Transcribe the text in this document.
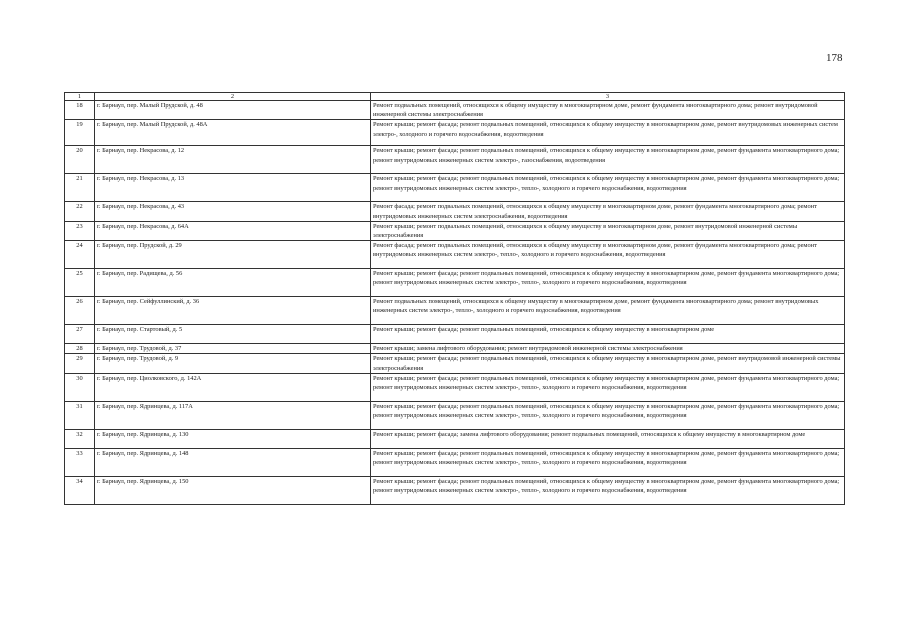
178
1	2	3
18	г. Барнаул, пер. Малый Прудской, д. 48	Ремонт подвальных помещений, относящихся к общему имуществу в многоквартирном доме, ремонт фундамента многоквартирного дома; ремонт внутридомовой инженерной системы электроснабжения
19	г. Барнаул, пер. Малый Прудской, д. 48А	Ремонт крыши; ремонт фасада; ремонт подвальных помещений, относящихся к общему имуществу в многоквартирном доме, ремонт внутридомовых инженерных систем электро-, холодного и горячего водоснабжения, водоотведения
20	г. Барнаул, пер. Некрасова, д. 12	Ремонт крыши; ремонт фасада; ремонт подвальных помещений, относящихся к общему имуществу в многоквартирном доме, ремонт фундамента многоквартирного дома; ремонт внутридомовых инженерных систем электро-, газоснабжения, водоотведения
21	г. Барнаул, пер. Некрасова, д. 13	Ремонт крыши; ремонт фасада; ремонт подвальных помещений, относящихся к общему имуществу в многоквартирном доме, ремонт фундамента многоквартирного дома; ремонт внутридомовых инженерных систем электро-, тепло-, холодного и горячего водоснабжения, водоотведения
22	г. Барнаул, пер. Некрасова, д. 43	Ремонт фасада; ремонт подвальных помещений, относящихся к общему имуществу в многоквартирном доме, ремонт фундамента многоквартирного дома; ремонт внутридомовых инженерных систем электроснабжения, водоотведения
23	г. Барнаул, пер. Некрасова, д. 64А	Ремонт крыши; ремонт подвальных помещений, относящихся к общему имуществу в многоквартирном доме, ремонт внутридомовой инженерной системы электроснабжения
24	г. Барнаул, пер. Прудской, д. 29	Ремонт фасада; ремонт подвальных помещений, относящихся к общему имуществу в многоквартирном доме, ремонт фундамента многоквартирного дома; ремонт внутридомовых инженерных систем электро-, тепло-, холодного и горячего водоснабжения, водоотведения
25	г. Барнаул, пер. Радищева, д. 56	Ремонт крыши; ремонт фасада; ремонт подвальных помещений, относящихся к общему имуществу в многоквартирном доме, ремонт фундамента многоквартирного дома; ремонт внутридомовых инженерных систем электро-, тепло-, холодного и горячего водоснабжения, водоотведения
26	г. Барнаул, пер. Сейфуллинский, д. 36	Ремонт подвальных помещений, относящихся к общему имуществу в многоквартирном доме, ремонт фундамента многоквартирного дома; ремонт внутридомовых инженерных систем электро-, тепло-, холодного и горячего водоснабжения, водоотведения
27	г. Барнаул, пер. Стартовый, д. 5	Ремонт крыши; ремонт фасада; ремонт подвальных помещений, относящихся к общему имуществу в многоквартирном доме
28	г. Барнаул, пер. Трудовой, д. 37	Ремонт крыши; замена лифтового оборудования; ремонт внутридомовой инженерной системы электроснабжения
29	г. Барнаул, пер. Трудовой, д. 9	Ремонт крыши; ремонт фасада; ремонт подвальных помещений, относящихся к общему имуществу в многоквартирном доме, ремонт внутридомовой инженерной системы электроснабжения
30	г. Барнаул, пер. Циолковского, д. 142А	Ремонт крыши; ремонт фасада; ремонт подвальных помещений, относящихся к общему имуществу в многоквартирном доме, ремонт фундамента многоквартирного дома; ремонт внутридомовых инженерных систем электро-, тепло-, холодного и горячего водоснабжения, водоотведения
31	г. Барнаул, пер. Ядринцева, д. 117А	Ремонт крыши; ремонт фасада; ремонт подвальных помещений, относящихся к общему имуществу в многоквартирном доме, ремонт фундамента многоквартирного дома; ремонт внутридомовых инженерных систем электро-, тепло-, холодного и горячего водоснабжения, водоотведения
32	г. Барнаул, пер. Ядринцева, д. 130	Ремонт крыши; ремонт фасада; замена лифтового оборудования; ремонт подвальных помещений, относящихся к общему имуществу в многоквартирном доме
33	г. Барнаул, пер. Ядринцева, д. 148	Ремонт крыши; ремонт фасада; ремонт подвальных помещений, относящихся к общему имуществу в многоквартирном доме, ремонт фундамента многоквартирного дома; ремонт внутридомовых инженерных систем электро-, тепло-, холодного и горячего водоснабжения, водоотведения
34	г. Барнаул, пер. Ядринцева, д. 150	Ремонт крыши; ремонт фасада; ремонт подвальных помещений, относящихся к общему имуществу в многоквартирном доме, ремонт фундамента многоквартирного дома; ремонт внутридомовых инженерных систем электро-, тепло-, холодного и горячего водоснабжения, водоотведения
